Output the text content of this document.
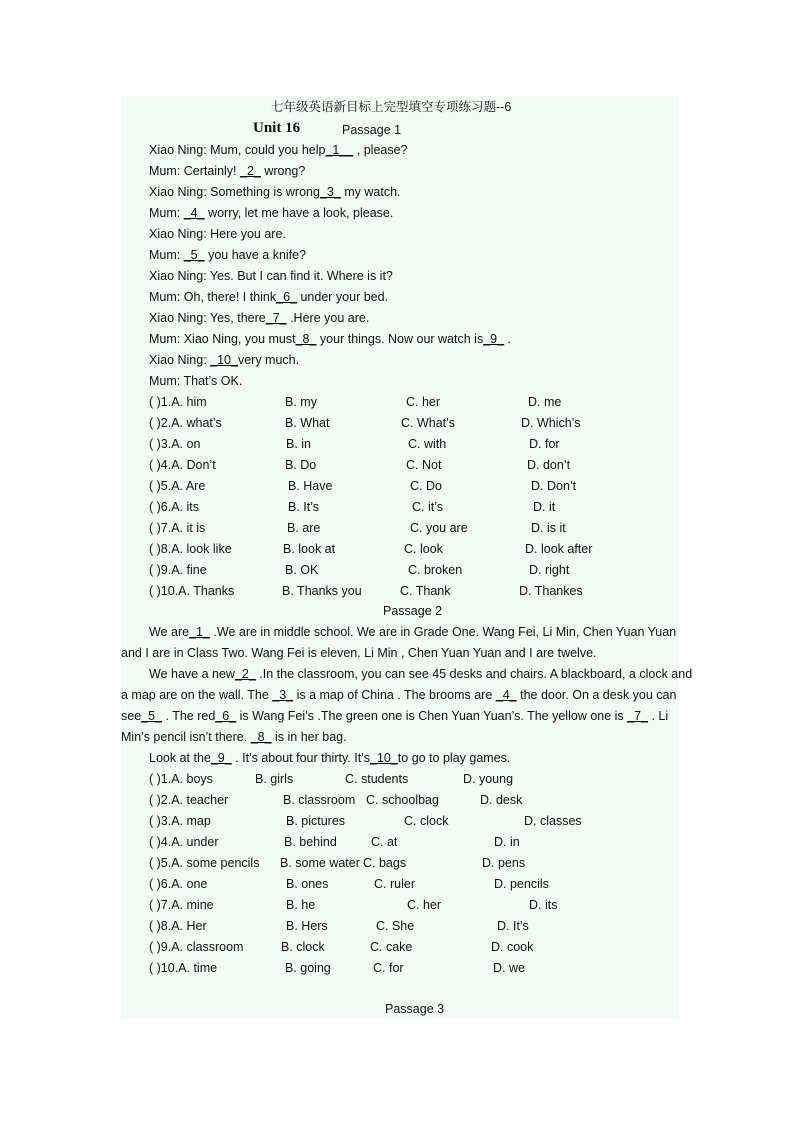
七年级英语新目标上完型填空专项练习题--6
Unit 16	Passage 1
Xiao Ning: Mum, could you help_1__ , please?
Mum: Certainly! _2_ wrong?
Xiao Ning: Something is wrong_3_ my watch.
Mum: _4_ worry, let me have a look, please.
Xiao Ning: Here you are.
Mum: _5_ you have a knife?
Xiao Ning: Yes. But I can find it. Where is it?
Mum: Oh, there! I think_6_ under your bed.
Xiao Ning: Yes, there_7_ .Here you are.
Mum: Xiao Ning, you must_8_ your things. Now our watch is_9_ .
Xiao Ning: _10_very much.
Mum: That’s OK.
( )1.A. him	B. my	C. her	D. me
( )2.A. what’s	B. What	C. What’s	D. Which’s
( )3.A. on	B. in	C. with	D. for
( )4.A. Don’t	B. Do	C. Not	D. don’t
( )5.A. Are	B. Have	C. Do	D. Don’t
( )6.A. its	B. It’s	C. it’s	D. it
( )7.A. it is	B. are	C. you are	D. is it
( )8.A. look like	B. look at	C. look	D. look after
( )9.A. fine	B. OK	C. broken	D. right
( )10.A. Thanks	B. Thanks you	C. Thank	D. Thankes
Passage 2
We are_1_ .We are in middle school. We are in Grade One. Wang Fei, Li Min, Chen Yuan Yuan
and I are in Class Two. Wang Fei is eleven. Li Min , Chen Yuan Yuan and I are twelve.
We have a new_2_ .In the classroom, you can see 45 desks and chairs. A blackboard, a clock and
a map are on the wall. The _3_ is a map of China . The brooms are _4_ the door. On a desk you can
see_5_ . The red_6_ is Wang Fei’s .The green one is Chen Yuan Yuan’s. The yellow one is _7_ . Li
Min’s pencil isn’t there. _8_ is in her bag.
Look at the_9_ . It’s about four thirty. It’s_10_to go to play games.
( )1.A. boys	B. girls	C. students	D. young
( )2.A. teacher	B. classroom C. schoolbag	D. desk
( )3.A. map	B. pictures	C. clock	D. classes
( )4.A. under	B. behind	C. at	D. in
( )5.A. some pencils B. some water C. bags	D. pens
( )6.A. one	B. ones	C. ruler	D. pencils
( )7.A. mine	B. he	C. her	D. its
( )8.A. Her	B. Hers	C. She	D. It’s
( )9.A. classroom	B. clock	C. cake	D. cook
( )10.A. time	B. going	C. for	D. we
Passage 3
